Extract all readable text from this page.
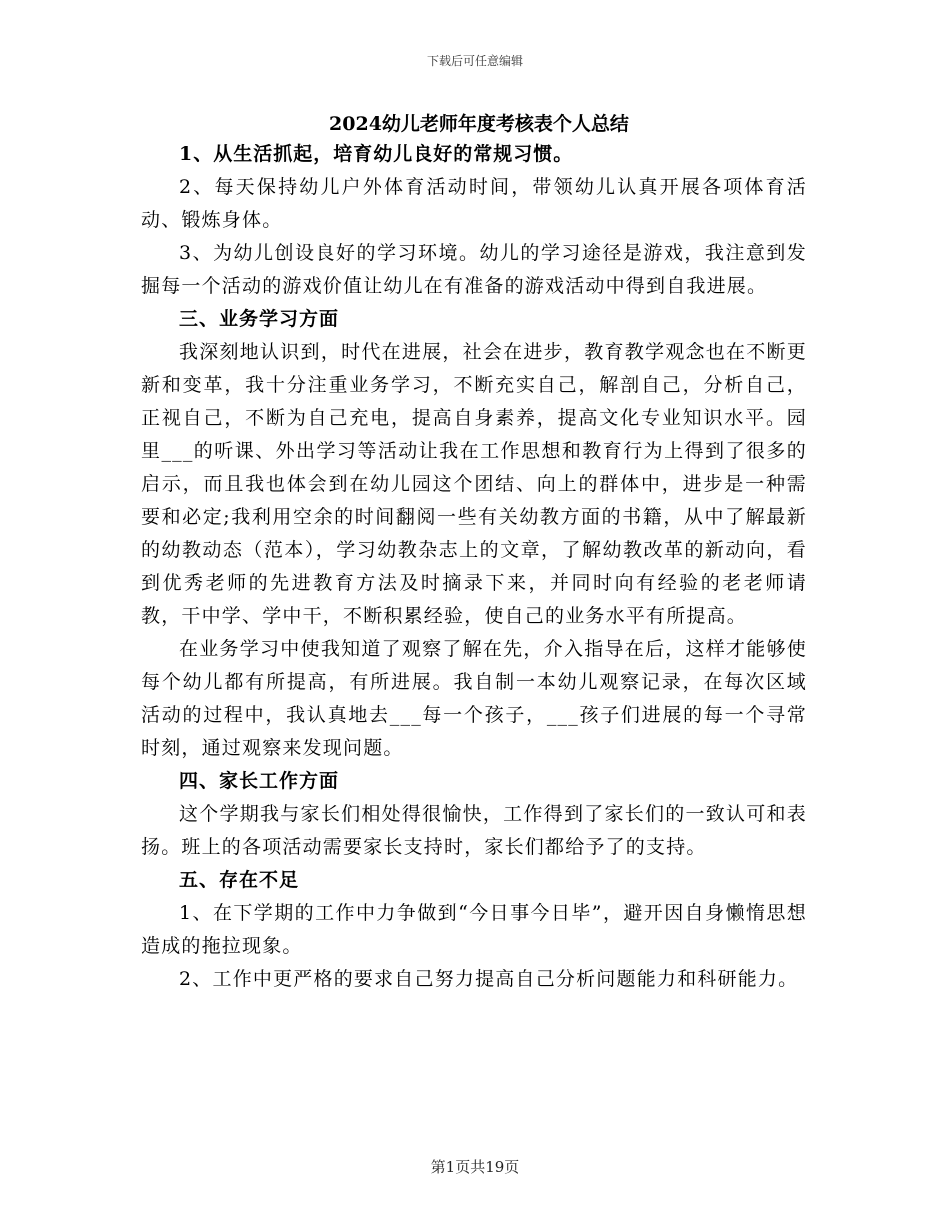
下载后可任意编辑

2024幼儿老师年度考核表个人总结

1、从生活抓起，培育幼儿良好的常规习惯。

2、每天保持幼儿户外体育活动时间，带领幼儿认真开展各项体育活动、锻炼身体。

3、为幼儿创设良好的学习环境。幼儿的学习途径是游戏，我注意到发掘每一个活动的游戏价值让幼儿在有准备的游戏活动中得到自我进展。

三、业务学习方面

我深刻地认识到，时代在进展，社会在进步，教育教学观念也在不断更新和变革，我十分注重业务学习，不断充实自己，解剖自己，分析自己，正视自己，不断为自己充电，提高自身素养，提高文化专业知识水平。园里___的听课、外出学习等活动让我在工作思想和教育行为上得到了很多的启示，而且我也体会到在幼儿园这个团结、向上的群体中，进步是一种需要和必定;我利用空余的时间翻阅一些有关幼教方面的书籍，从中了解最新的幼教动态（范本），学习幼教杂志上的文章，了解幼教改革的新动向，看到优秀老师的先进教育方法及时摘录下来，并同时向有经验的老老师请教，干中学、学中干，不断积累经验，使自己的业务水平有所提高。

在业务学习中使我知道了观察了解在先，介入指导在后，这样才能够使每个幼儿都有所提高，有所进展。我自制一本幼儿观察记录，在每次区域活动的过程中，我认真地去___每一个孩子，___孩子们进展的每一个寻常时刻，通过观察来发现问题。

四、家长工作方面

这个学期我与家长们相处得很愉快，工作得到了家长们的一致认可和表扬。班上的各项活动需要家长支持时，家长们都给予了的支持。

五、存在不足

1、在下学期的工作中力争做到“今日事今日毕”，避开因自身懒惰思想造成的拖拉现象。

2、工作中更严格的要求自己努力提高自己分析问题能力和科研能力。

第1页共19页
